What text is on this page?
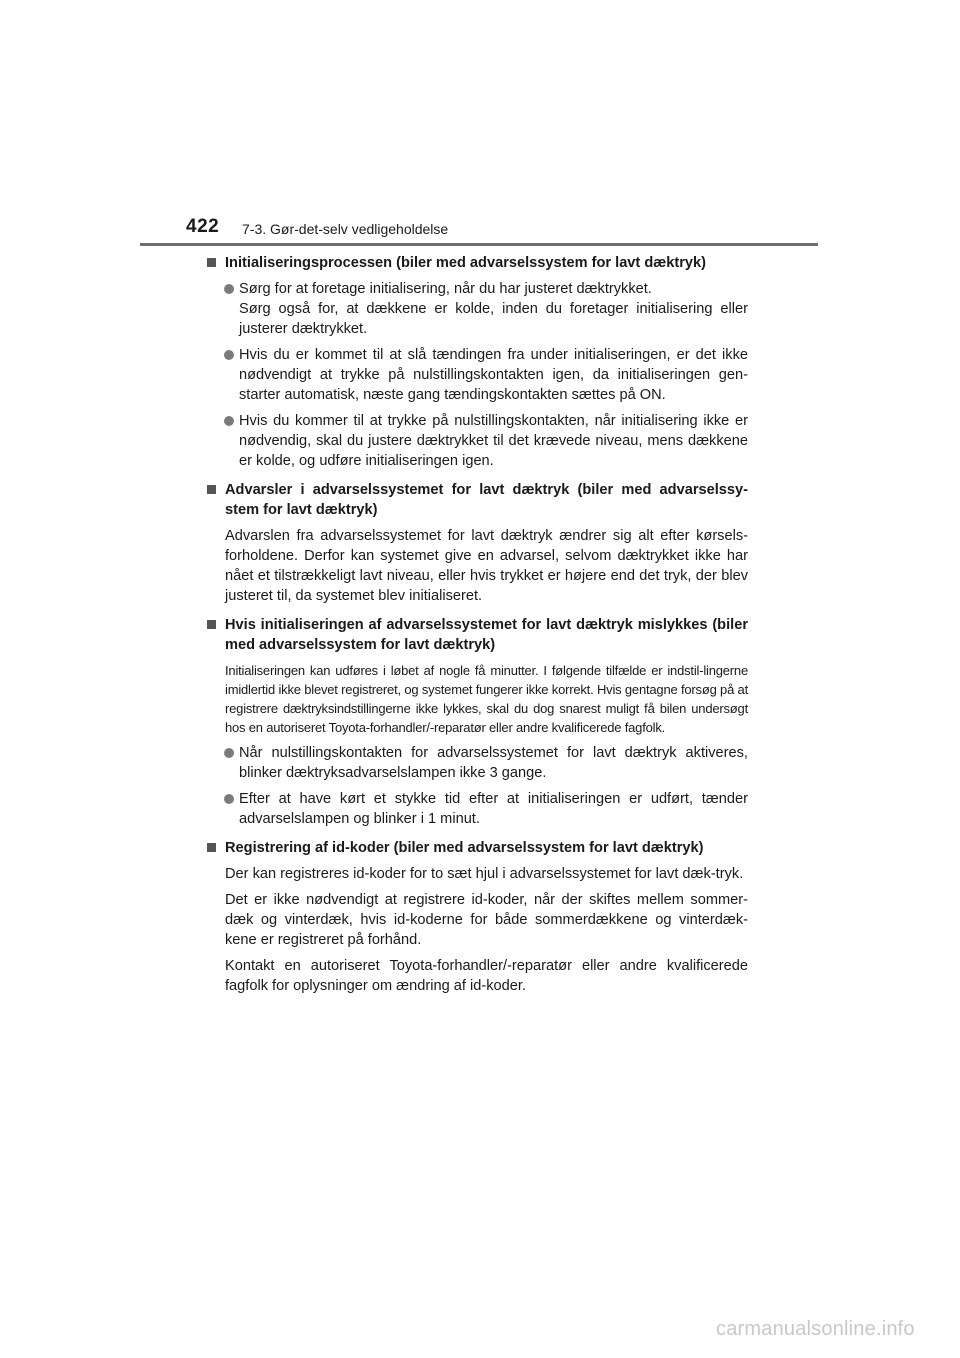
422 7-3. Gør-det-selv vedligeholdelse
Initialiseringsprocessen (biler med advarselssystem for lavt dæktryk)
Sørg for at foretage initialisering, når du har justeret dæktrykket.
Sørg også for, at dækkene er kolde, inden du foretager initialisering eller justerer dæktrykket.
Hvis du er kommet til at slå tændingen fra under initialiseringen, er det ikke nødvendigt at trykke på nulstillingskontakten igen, da initialiseringen gen-starter automatisk, næste gang tændingskontakten sættes på ON.
Hvis du kommer til at trykke på nulstillingskontakten, når initialisering ikke er nødvendig, skal du justere dæktrykket til det krævede niveau, mens dækkene er kolde, og udføre initialiseringen igen.
Advarsler i advarselssystemet for lavt dæktryk (biler med advarselssy-stem for lavt dæktryk)
Advarslen fra advarselssystemet for lavt dæktryk ændrer sig alt efter kørsels-forholdene. Derfor kan systemet give en advarsel, selvom dæktrykket ikke har nået et tilstrækkeligt lavt niveau, eller hvis trykket er højere end det tryk, der blev justeret til, da systemet blev initialiseret.
Hvis initialiseringen af advarselssystemet for lavt dæktryk mislykkes (biler med advarselssystem for lavt dæktryk)
Initialiseringen kan udføres i løbet af nogle få minutter. I følgende tilfælde er indstil-lingerne imidlertid ikke blevet registreret, og systemet fungerer ikke korrekt. Hvis gentagne forsøg på at registrere dæktryksindstillingerne ikke lykkes, skal du dog snarest muligt få bilen undersøgt hos en autoriseret Toyota-forhandler/-reparatør eller andre kvalificerede fagfolk.
Når nulstillingskontakten for advarselssystemet for lavt dæktryk aktiveres, blinker dæktryksadvarselslampen ikke 3 gange.
Efter at have kørt et stykke tid efter at initialiseringen er udført, tænder advarselslampen og blinker i 1 minut.
Registrering af id-koder (biler med advarselssystem for lavt dæktryk)
Der kan registreres id-koder for to sæt hjul i advarselssystemet for lavt dæk-tryk.
Det er ikke nødvendigt at registrere id-koder, når der skiftes mellem sommer-dæk og vinterdæk, hvis id-koderne for både sommerdækkene og vinterdæk-kene er registreret på forhånd.
Kontakt en autoriseret Toyota-forhandler/-reparatør eller andre kvalificerede fagfolk for oplysninger om ændring af id-koder.
carmanualsonline.info
